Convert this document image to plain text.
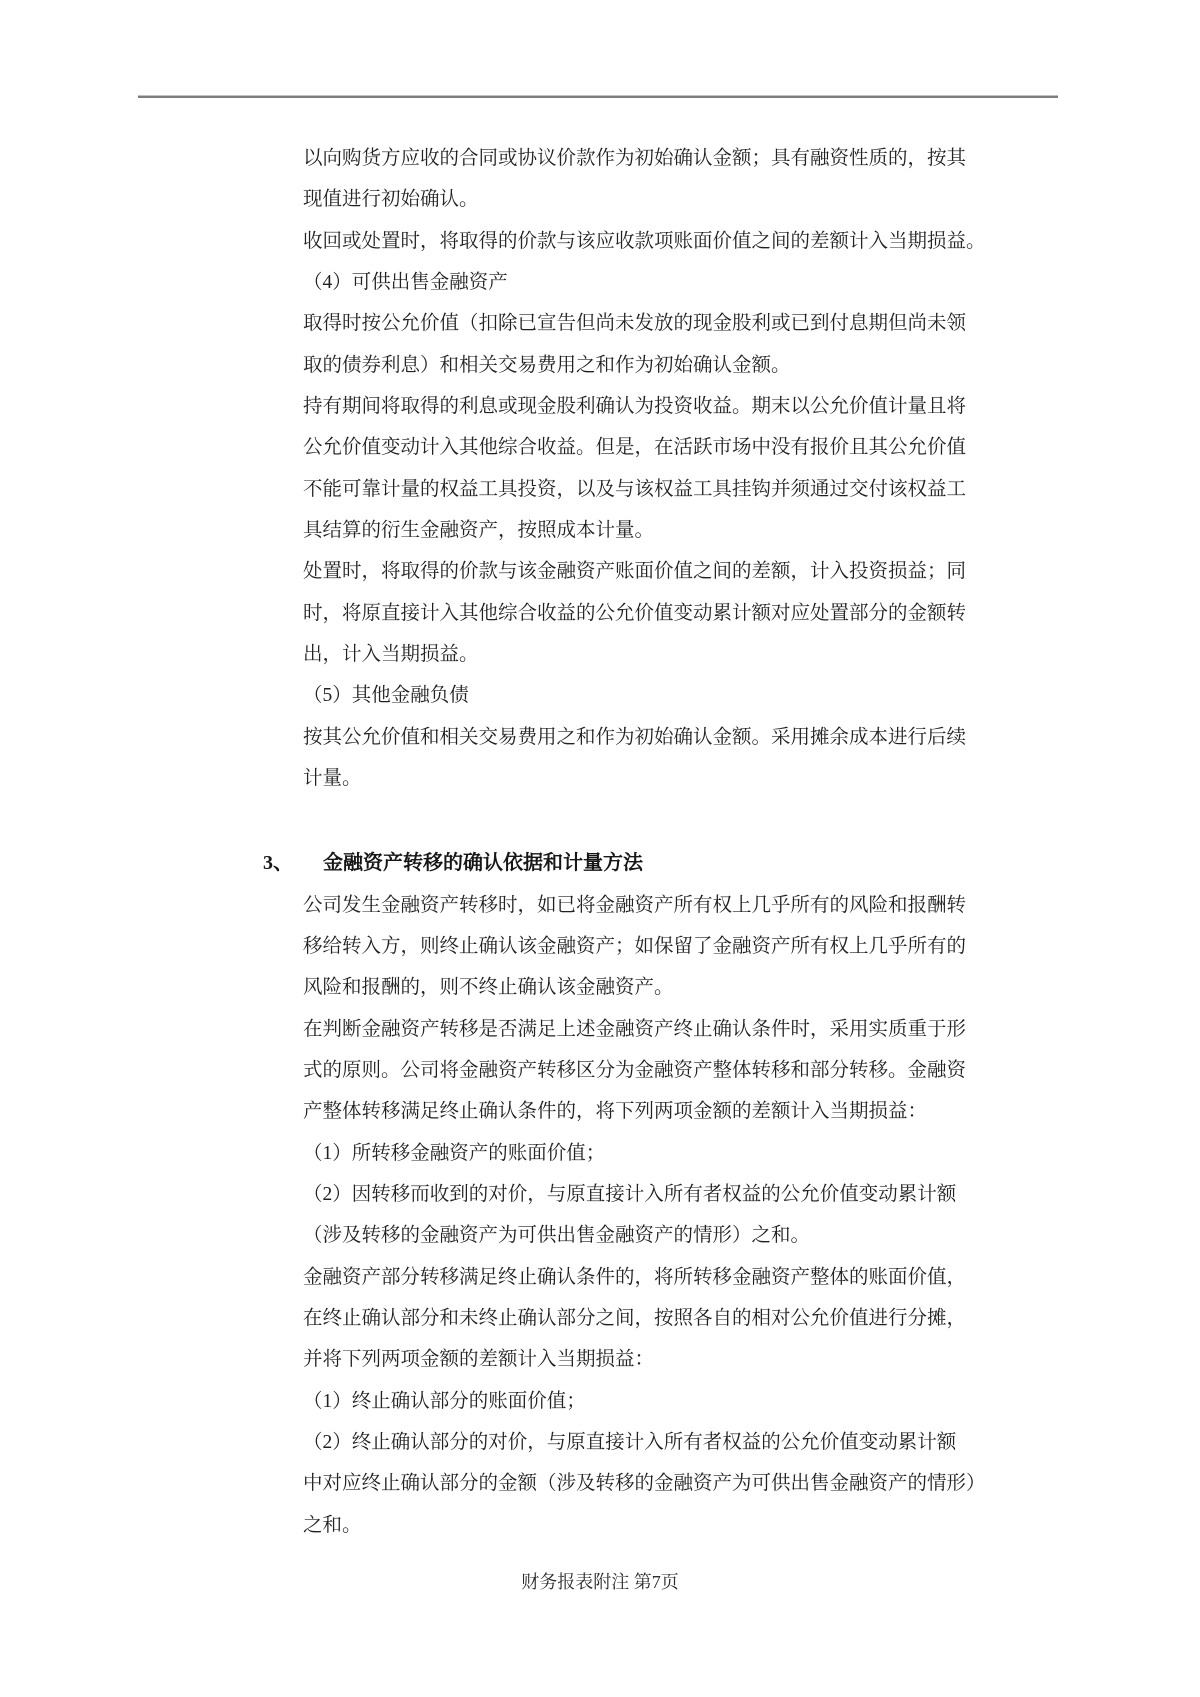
以向购货方应收的合同或协议价款作为初始确认金额；具有融资性质的，按其
现值进行初始确认。
收回或处置时，将取得的价款与该应收款项账面价值之间的差额计入当期损益。
（4）可供出售金融资产
取得时按公允价值（扣除已宣告但尚未发放的现金股利或已到付息期但尚未领
取的债券利息）和相关交易费用之和作为初始确认金额。
持有期间将取得的利息或现金股利确认为投资收益。期末以公允价值计量且将
公允价值变动计入其他综合收益。但是，在活跃市场中没有报价且其公允价值
不能可靠计量的权益工具投资，以及与该权益工具挂钩并须通过交付该权益工
具结算的衍生金融资产，按照成本计量。
处置时，将取得的价款与该金融资产账面价值之间的差额，计入投资损益；同
时，将原直接计入其他综合收益的公允价值变动累计额对应处置部分的金额转
出，计入当期损益。
（5）其他金融负债
按其公允价值和相关交易费用之和作为初始确认金额。采用摊余成本进行后续
计量。
3、 金融资产转移的确认依据和计量方法
公司发生金融资产转移时，如已将金融资产所有权上几乎所有的风险和报酬转
移给转入方，则终止确认该金融资产；如保留了金融资产所有权上几乎所有的
风险和报酬的，则不终止确认该金融资产。
在判断金融资产转移是否满足上述金融资产终止确认条件时，采用实质重于形
式的原则。公司将金融资产转移区分为金融资产整体转移和部分转移。金融资
产整体转移满足终止确认条件的，将下列两项金额的差额计入当期损益：
（1）所转移金融资产的账面价值；
（2）因转移而收到的对价，与原直接计入所有者权益的公允价值变动累计额
（涉及转移的金融资产为可供出售金融资产的情形）之和。
金融资产部分转移满足终止确认条件的，将所转移金融资产整体的账面价值，
在终止确认部分和未终止确认部分之间，按照各自的相对公允价值进行分摊，
并将下列两项金额的差额计入当期损益：
（1）终止确认部分的账面价值；
（2）终止确认部分的对价，与原直接计入所有者权益的公允价值变动累计额
中对应终止确认部分的金额（涉及转移的金融资产为可供出售金融资产的情形）
之和。
财务报表附注 第7页
